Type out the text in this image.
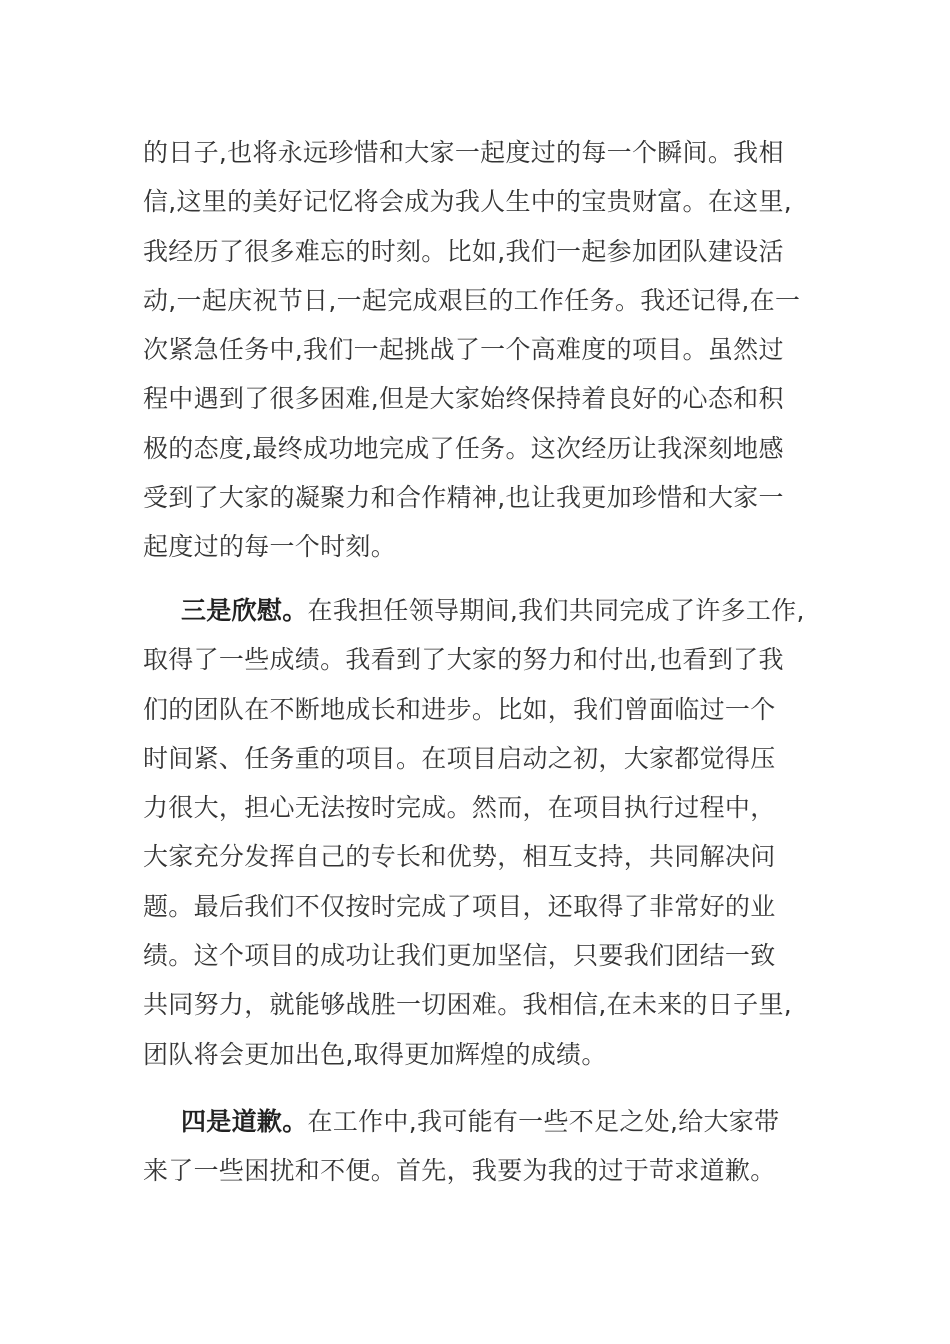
的日子,也将永远珍惜和大家一起度过的每一个瞬间。我相
信,这里的美好记忆将会成为我人生中的宝贵财富。在这里,
我经历了很多难忘的时刻。比如,我们一起参加团队建设活
动,一起庆祝节日,一起完成艰巨的工作任务。我还记得,在一
次紧急任务中,我们一起挑战了一个高难度的项目。虽然过
程中遇到了很多困难,但是大家始终保持着良好的心态和积
极的态度,最终成功地完成了任务。这次经历让我深刻地感
受到了大家的凝聚力和合作精神,也让我更加珍惜和大家一
起度过的每一个时刻。
三是欣慰。在我担任领导期间,我们共同完成了许多工作,
取得了一些成绩。我看到了大家的努力和付出,也看到了我
们的团队在不断地成长和进步。比如，我们曾面临过一个
时间紧、任务重的项目。在项目启动之初，大家都觉得压
力很大，担心无法按时完成。然而，在项目执行过程中，
大家充分发挥自己的专长和优势，相互支持，共同解决问
题。最后我们不仅按时完成了项目，还取得了非常好的业
绩。这个项目的成功让我们更加坚信，只要我们团结一致
共同努力，就能够战胜一切困难。我相信,在未来的日子里,
团队将会更加出色,取得更加辉煌的成绩。
四是道歉。在工作中,我可能有一些不足之处,给大家带
来了一些困扰和不便。首先，我要为我的过于苛求道歉。
